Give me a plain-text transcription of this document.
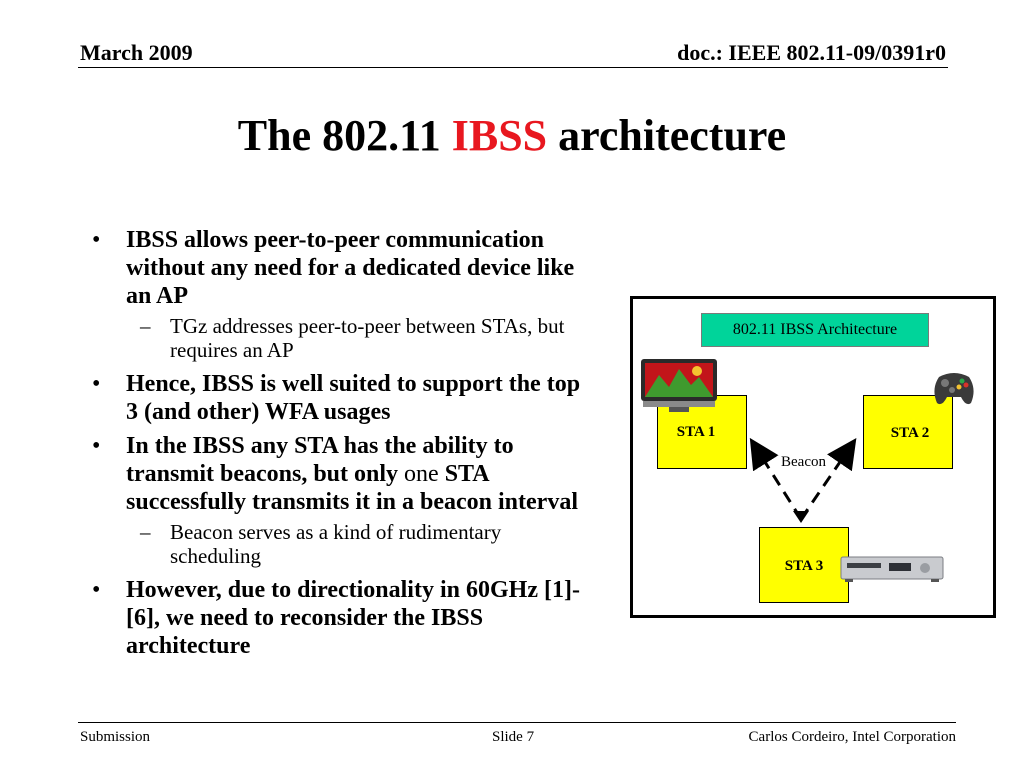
March 2009	doc.: IEEE 802.11-09/0391r0
The 802.11 IBSS architecture
• IBSS allows peer-to-peer communication without any need for a dedicated device like an AP
– TGz addresses peer-to-peer between STAs, but requires an AP
• Hence, IBSS is well suited to support the top 3 (and other) WFA usages
• In the IBSS any STA has the ability to transmit beacons, but only one STA successfully transmits it in a beacon interval
– Beacon serves as a kind of rudimentary scheduling
• However, due to directionality in 60GHz [1]-[6], we need to reconsider the IBSS architecture
802.11 IBSS Architecture
STA 1	STA 2
STA 3
Beacon
Submission	Slide 7	Carlos Cordeiro, Intel Corporation
